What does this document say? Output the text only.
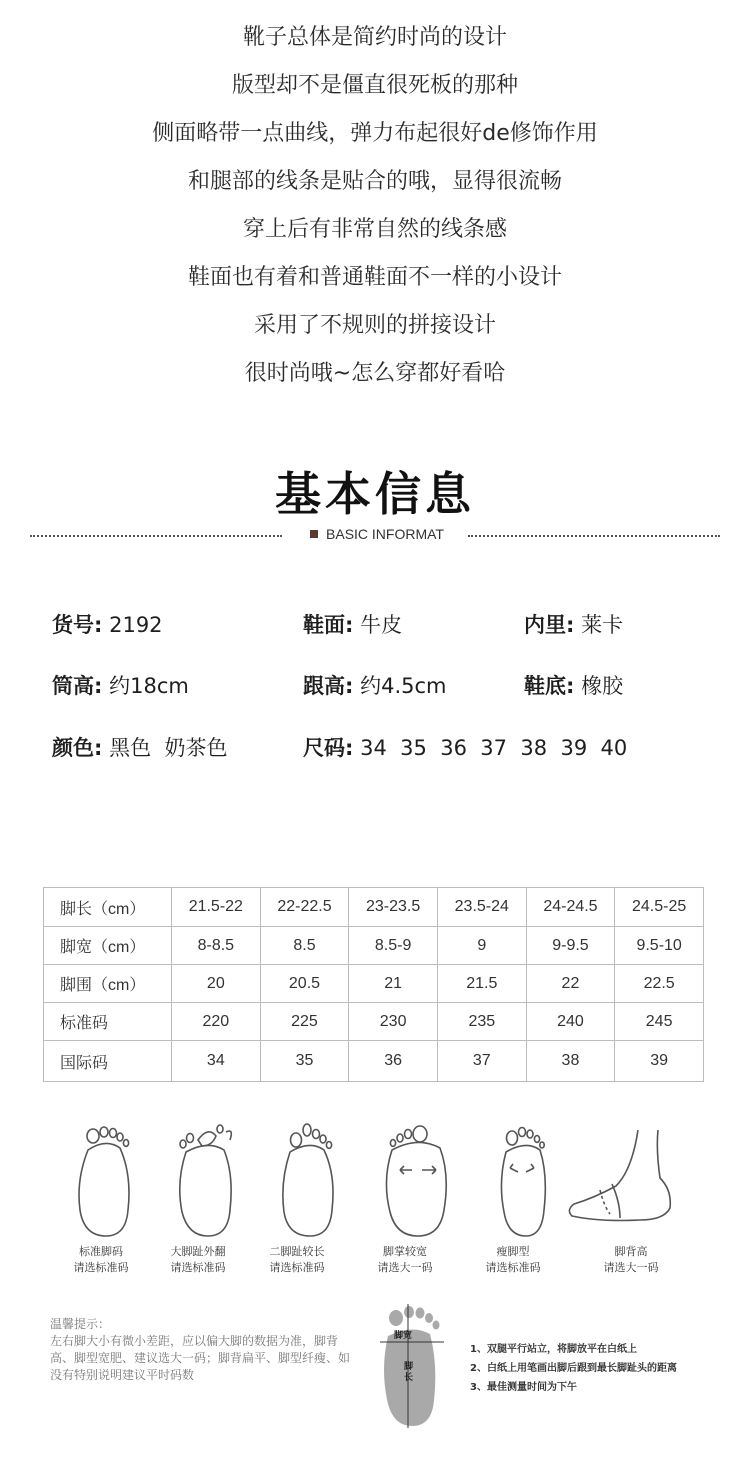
靴子总体是简约时尚的设计
版型却不是僵直很死板的那种
侧面略带一点曲线，弹力布起很好de修饰作用
和腿部的线条是贴合的哦，显得很流畅
穿上后有非常自然的线条感
鞋面也有着和普通鞋面不一样的小设计
采用了不规则的拼接设计
很时尚哦~怎么穿都好看哈
基本信息
BASIC INFORMAT
货号: 2192	鞋面: 牛皮	内里: 莱卡
筒高: 约18cm	跟高: 约4.5cm	鞋底: 橡胶
颜色: 黑色  奶茶色	尺码: 34  35  36  37  38  39  40
脚长（cm）	21.5-22	22-22.5	23-23.5	23.5-24	24-24.5	24.5-25
脚宽（cm）	8-8.5	8.5	8.5-9	9	9-9.5	9.5-10
脚围（cm）	20	20.5	21	21.5	22	22.5
标准码	220	225	230	235	240	245
国际码	34	35	36	37	38	39
标准脚码
请选标准码
大脚趾外翻
请选标准码
二脚趾较长
请选标准码
脚掌较宽
请选大一码
瘦脚型
请选标准码
脚背高
请选大一码
温馨提示：
左右脚大小有微小差距，应以偏大脚的数据为准，脚背高、脚型宽肥、建议选大一码；脚背扁平、脚型纤瘦、如没有特别说明建议平时码数
脚宽
脚长
1、双腿平行站立，将脚放平在白纸上
2、白纸上用笔画出脚后跟到最长脚趾头的距离
3、最佳测量时间为下午
